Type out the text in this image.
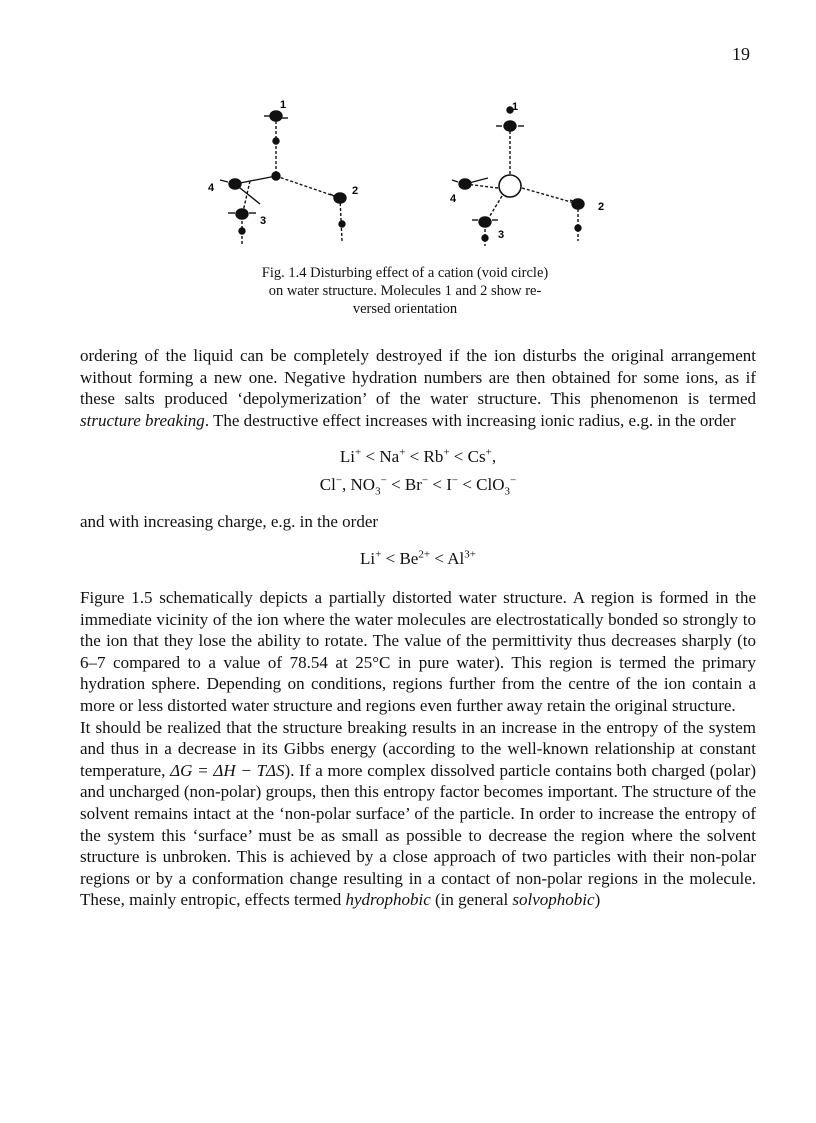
19
1
4	2
3
1
4
2
3
Fig. 1.4 Disturbing effect of a cation (void circle)
on water structure. Molecules 1 and 2 show re-
versed orientation

ordering of the liquid can be completely destroyed if the ion disturbs the original arrangement without forming a new one. Negative hydration numbers are then obtained for some ions, as if these salts produced ‘depolymerization’ of the water structure. This phenomenon is termed structure breaking. The destructive effect increases with increasing ionic radius, e.g. in the order

Li+ < Na+ < Rb+ < Cs+,
Cl−, $NO_3^- < Br^- < I^- < ClO_3^-$

and with increasing charge, e.g. in the order

$Li^+ < Be^{2+} < Al^{3+}$

Figure 1.5 schematically depicts a partially distorted water structure. A region is formed in the immediate vicinity of the ion where the water molecules are electrostatically bonded so strongly to the ion that they lose the ability to rotate. The value of the permittivity thus decreases sharply (to 6–7 compared to a value of 78.54 at 25°C in pure water). This region is termed the primary hydration sphere. Depending on conditions, regions further from the centre of the ion contain a more or less distorted water structure and regions even further away retain the original structure.

It should be realized that the structure breaking results in an increase in the entropy of the system and thus in a decrease in its Gibbs energy (according to the well-known relationship at constant temperature, ΔG = ΔH − TΔS). If a more complex dissolved particle contains both charged (polar) and uncharged (non-polar) groups, then this entropy factor becomes important. The structure of the solvent remains intact at the ‘non-polar surface’ of the particle. In order to increase the entropy of the system this ‘surface’ must be as small as possible to decrease the region where the solvent structure is unbroken. This is achieved by a close approach of two particles with their non-polar regions or by a conformation change resulting in a contact of non-polar regions in the molecule. These, mainly entropic, effects termed hydrophobic (in general solvophobic)
